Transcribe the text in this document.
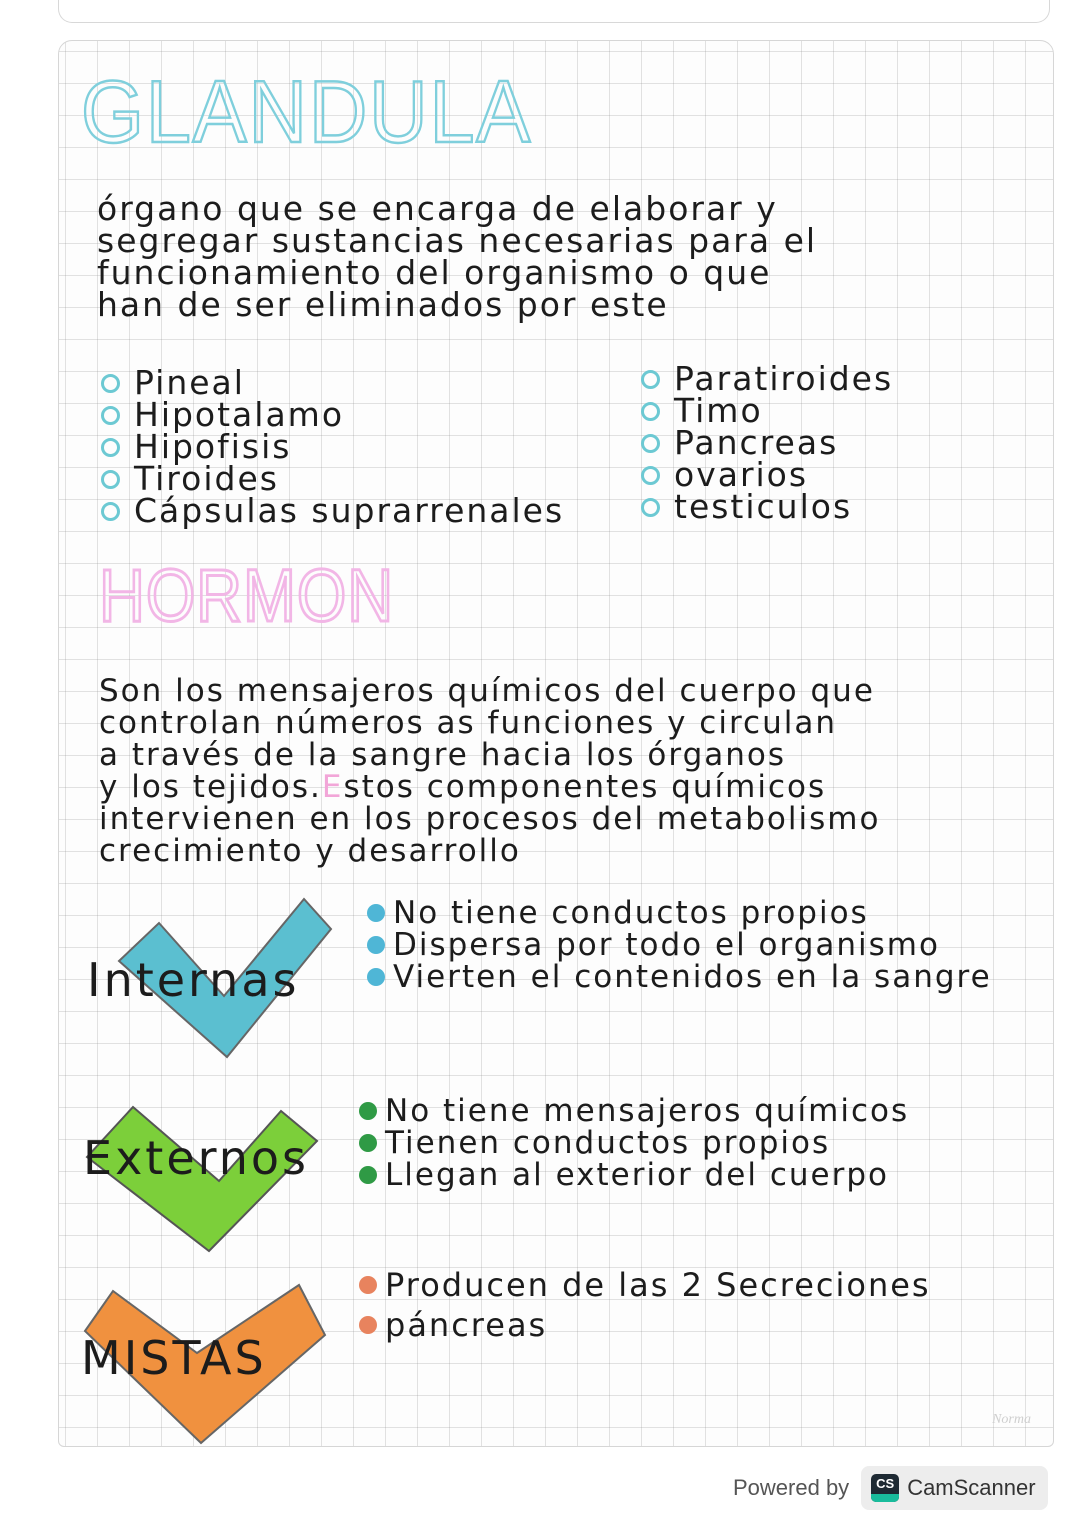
GLANDULA
órgano que se encarga de elaborar y
segregar sustancias necesarias para el
funcionamiento del organismo o que
han de ser eliminados por este
Pineal
Hipotalamo
Hipofisis
Tiroides
Cápsulas suprarrenales
Paratiroides
Timo
Pancreas
ovarios
testiculos
HORMON
Son los mensajeros químicos del cuerpo que
controlan números as funciones y circulan
a través de la sangre hacia los órganos
y los tejidos.Estos componentes químicos
intervienen en los procesos del metabolismo
crecimiento y desarrollo
Internas
No tiene conductos propios
Dispersa por todo el organismo
Vierten el contenidos en la sangre
Externos
No tiene mensajeros químicos
Tienen conductos propios
Llegan al exterior del cuerpo
MISTAS
Producen de las 2 Secreciones
páncreas
Norma
Powered by	CS CamScanner
